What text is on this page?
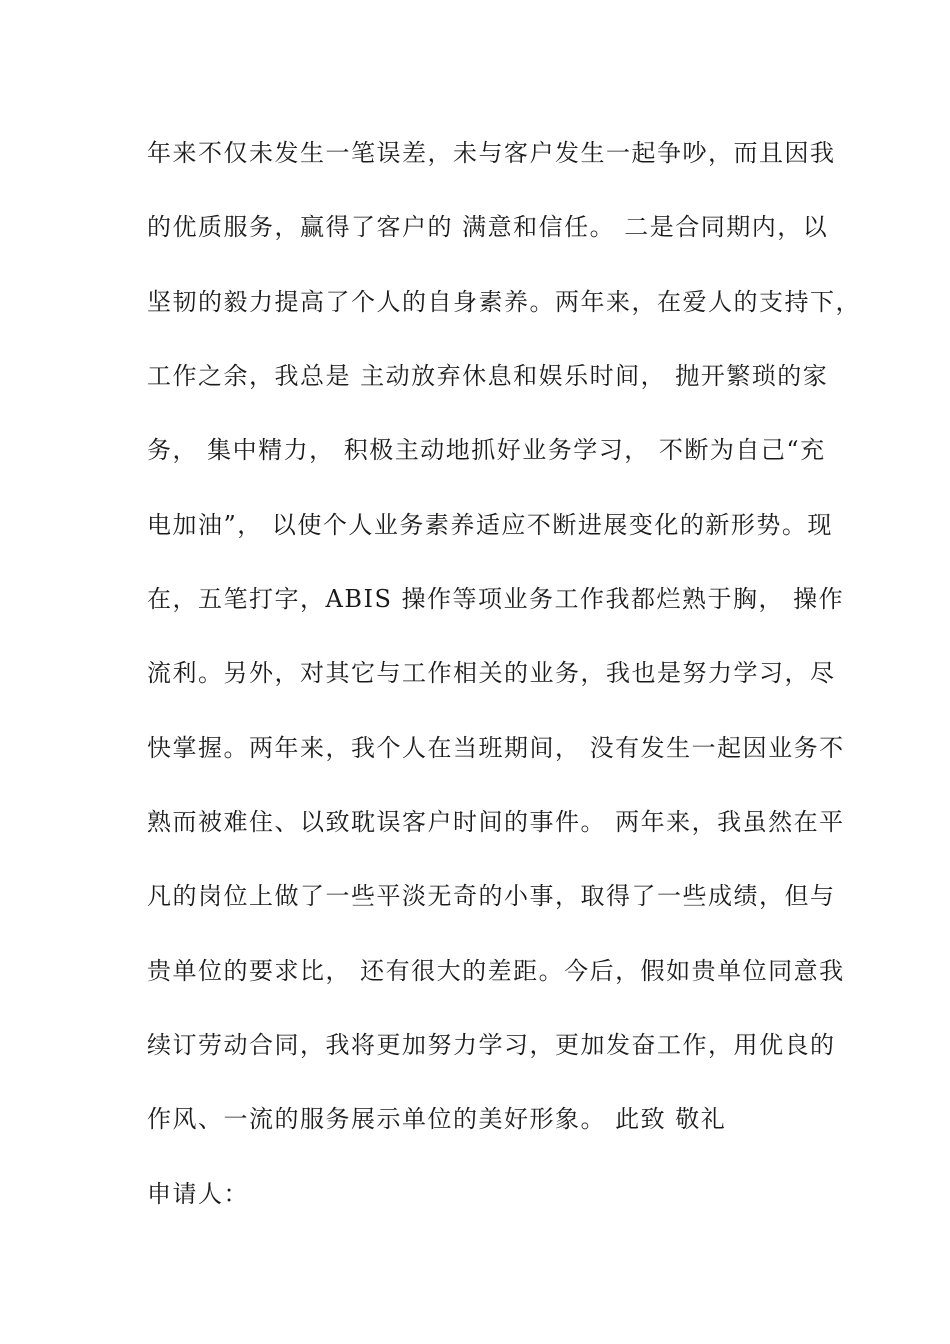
年来不仅未发生一笔误差，未与客户发生一起争吵，而且因我
的优质服务，赢得了客户的 满意和信任。 二是合同期内，以
坚韧的毅力提高了个人的自身素养。两年来，在爱人的支持下，
工作之余，我总是 主动放弃休息和娱乐时间， 抛开繁琐的家
务， 集中精力， 积极主动地抓好业务学习， 不断为自己“充
电加油”， 以使个人业务素养适应不断进展变化的新形势。现
在，五笔打字，ABIS 操作等项业务工作我都烂熟于胸， 操作
流利。另外，对其它与工作相关的业务，我也是努力学习，尽
快掌握。两年来，我个人在当班期间， 没有发生一起因业务不
熟而被难住、以致耽误客户时间的事件。 两年来，我虽然在平
凡的岗位上做了一些平淡无奇的小事，取得了一些成绩，但与
贵单位的要求比， 还有很大的差距。今后，假如贵单位同意我
续订劳动合同，我将更加努力学习，更加发奋工作，用优良的
作风、一流的服务展示单位的美好形象。 此致 敬礼
申请人：
